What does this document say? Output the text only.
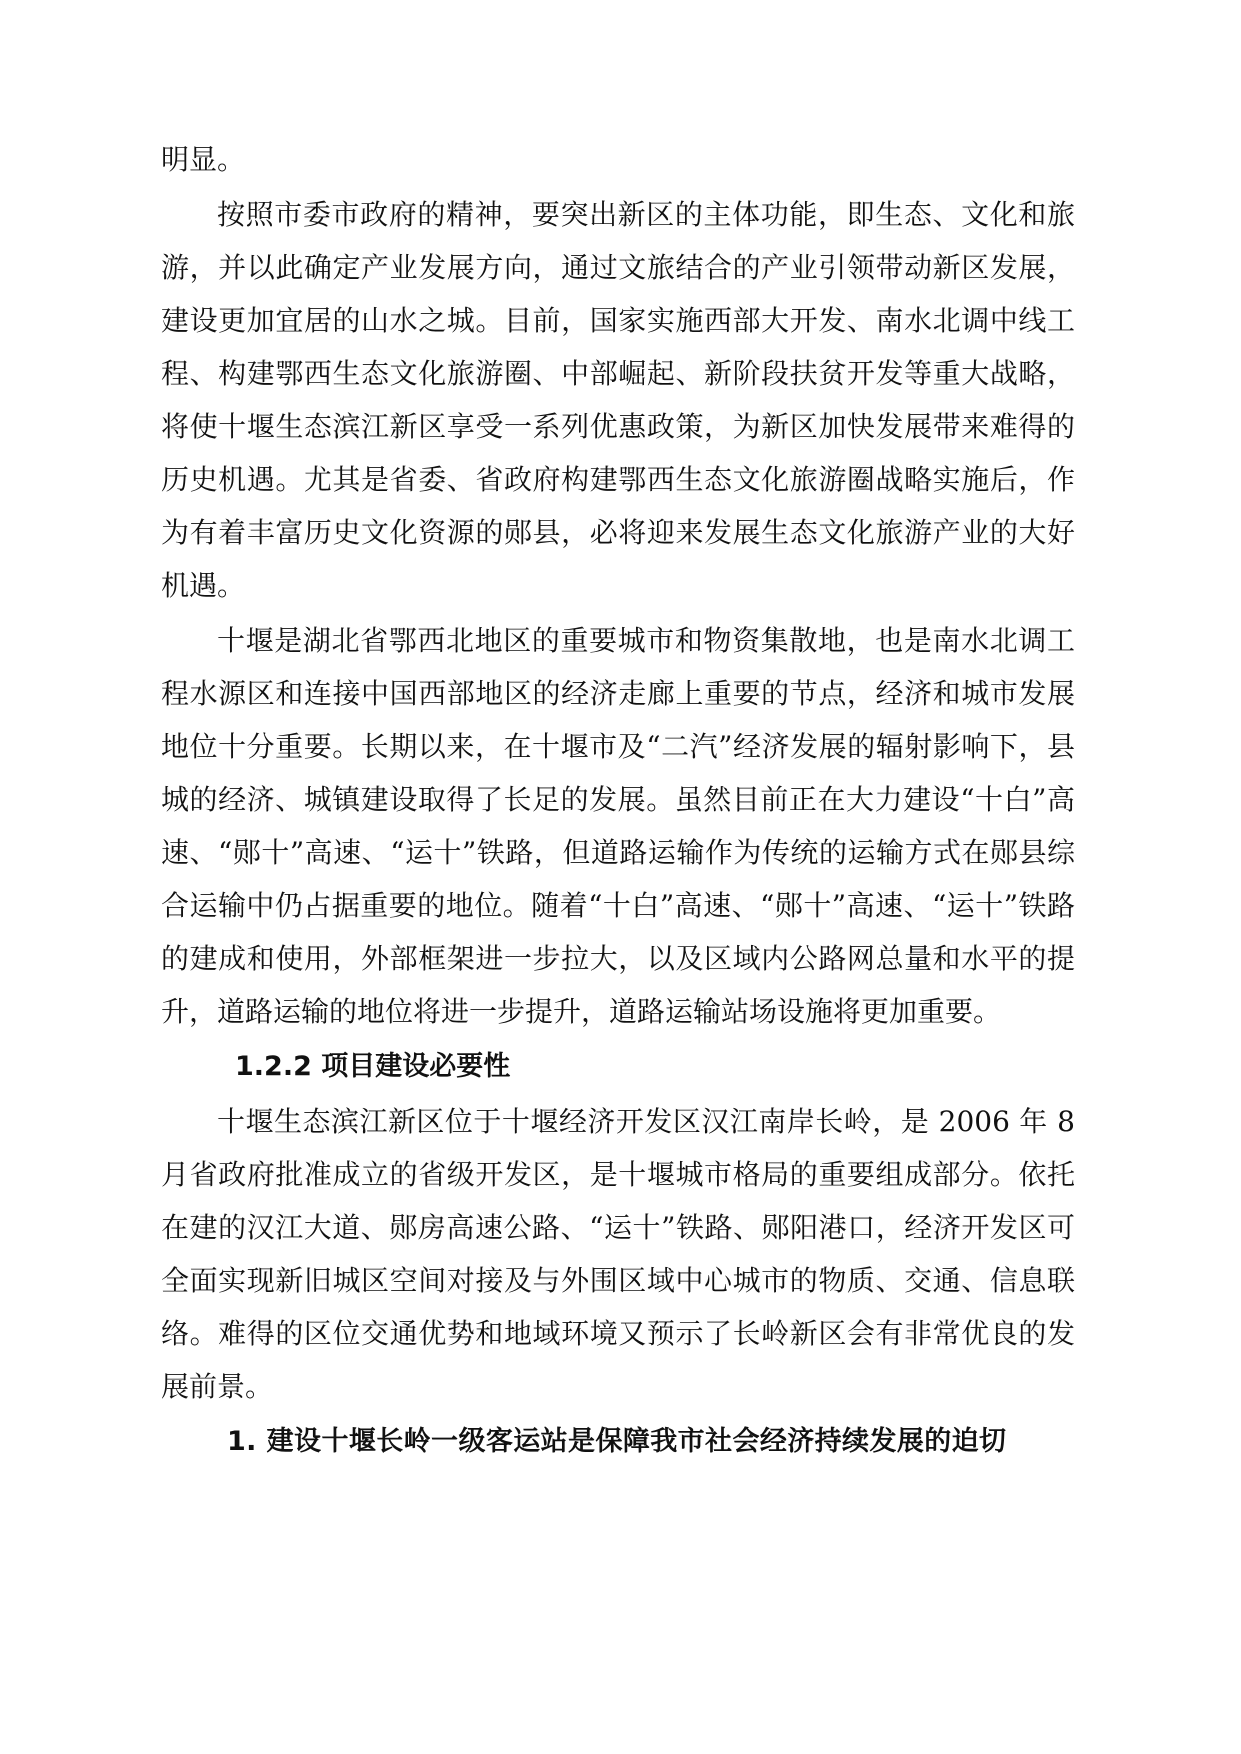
明显。

按照市委市政府的精神，要突出新区的主体功能，即生态、文化和旅游，并以此确定产业发展方向，通过文旅结合的产业引领带动新区发展，建设更加宜居的山水之城。目前，国家实施西部大开发、南水北调中线工程、构建鄂西生态文化旅游圈、中部崛起、新阶段扶贫开发等重大战略，将使十堰生态滨江新区享受一系列优惠政策，为新区加快发展带来难得的历史机遇。尤其是省委、省政府构建鄂西生态文化旅游圈战略实施后，作为有着丰富历史文化资源的郧县，必将迎来发展生态文化旅游产业的大好机遇。

十堰是湖北省鄂西北地区的重要城市和物资集散地，也是南水北调工程水源区和连接中国西部地区的经济走廊上重要的节点，经济和城市发展地位十分重要。长期以来，在十堰市及“二汽”经济发展的辐射影响下，县城的经济、城镇建设取得了长足的发展。虽然目前正在大力建设“十白”高速、“郧十”高速、“运十”铁路，但道路运输作为传统的运输方式在郧县综合运输中仍占据重要的地位。随着“十白”高速、“郧十”高速、“运十”铁路的建成和使用，外部框架进一步拉大，以及区域内公路网总量和水平的提升，道路运输的地位将进一步提升，道路运输站场设施将更加重要。

1.2.2 项目建设必要性

十堰生态滨江新区位于十堰经济开发区汉江南岸长岭，是 2006 年 8 月省政府批准成立的省级开发区，是十堰城市格局的重要组成部分。依托在建的汉江大道、郧房高速公路、“运十”铁路、郧阳港口，经济开发区可全面实现新旧城区空间对接及与外围区域中心城市的物质、交通、信息联络。难得的区位交通优势和地域环境又预示了长岭新区会有非常优良的发展前景。

1. 建设十堰长岭一级客运站是保障我市社会经济持续发展的迫切
